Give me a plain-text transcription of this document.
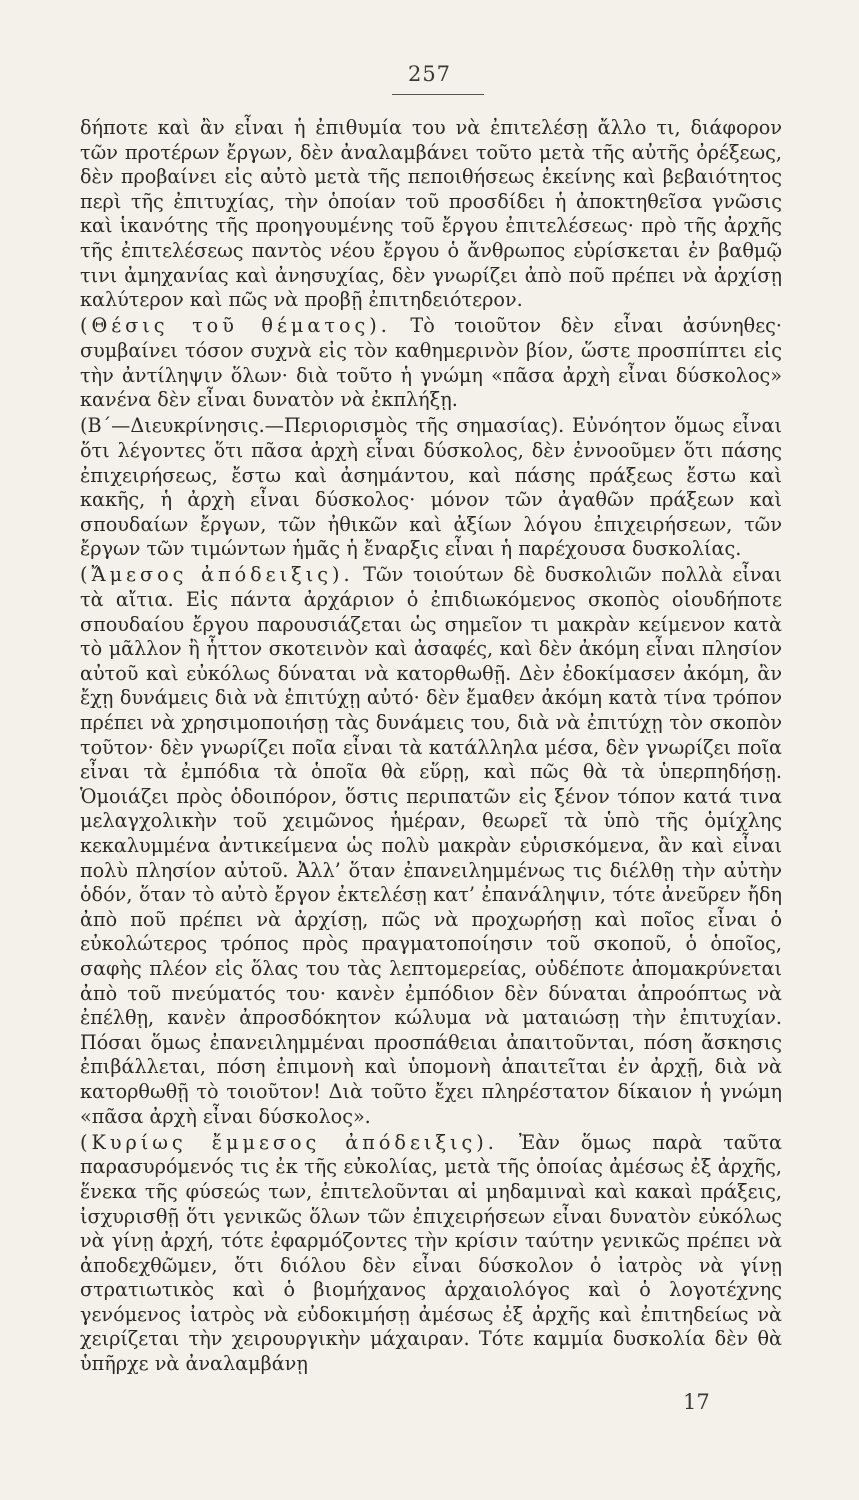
257

δήποτε καὶ ἂν εἶναι ἡ ἐπιθυμία του νὰ ἐπιτελέσῃ ἄλλο τι, διάφορον τῶν προτέρων ἔργων, δὲν ἀναλαμβάνει τοῦτο μετὰ τῆς αὐτῆς ὀρέξεως, δὲν προβαίνει εἰς αὐτὸ μετὰ τῆς πεποιθήσεως ἐκείνης καὶ βεβαιότητος περὶ τῆς ἐπιτυχίας, τὴν ὁποίαν τοῦ προσδίδει ἡ ἀποκτηθεῖσα γνῶσις καὶ ἱκανότης τῆς προηγουμένης τοῦ ἔργου ἐπιτελέσεως· πρὸ τῆς ἀρχῆς τῆς ἐπιτελέσεως παντὸς νέου ἔργου ὁ ἄνθρωπος εὑρίσκεται ἐν βαθμῷ τινι ἀμηχανίας καὶ ἀνησυχίας, δὲν γνωρίζει ἀπὸ ποῦ πρέπει νὰ ἀρχίσῃ καλύτερον καὶ πῶς νὰ προβῇ ἐπιτηδειότερον.

(Θέσις τοῦ θέματος). Τὸ τοιοῦτον δὲν εἶναι ἀσύνηθες· συμβαίνει τόσον συχνὰ εἰς τὸν καθημερινὸν βίον, ὥστε προσπίπτει εἰς τὴν ἀντίληψιν ὅλων· διὰ τοῦτο ἡ γνώμη «πᾶσα ἀρχὴ εἶναι δύσκολος» κανένα δὲν εἶναι δυνατὸν νὰ ἐκπλήξῃ.

(Β΄—Διευκρίνησις.—Περιορισμὸς τῆς σημασίας). Εὐνόητον ὅμως εἶναι ὅτι λέγοντες ὅτι πᾶσα ἀρχὴ εἶναι δύσκολος, δὲν ἐννοοῦμεν ὅτι πάσης ἐπιχειρήσεως, ἔστω καὶ ἀσημάντου, καὶ πάσης πράξεως ἔστω καὶ κακῆς, ἡ ἀρχὴ εἶναι δύσκολος· μόνον τῶν ἀγαθῶν πράξεων καὶ σπουδαίων ἔργων, τῶν ἠθικῶν καὶ ἀξίων λόγου ἐπιχειρήσεων, τῶν ἔργων τῶν τιμώντων ἡμᾶς ἡ ἔναρξις εἶναι ἡ παρέχουσα δυσκολίας.

(Ἄμεσος ἀπόδειξις). Τῶν τοιούτων δὲ δυσκολιῶν πολλὰ εἶναι τὰ αἴτια. Εἰς πάντα ἀρχάριον ὁ ἐπιδιωκόμενος σκοπὸς οἱουδήποτε σπουδαίου ἔργου παρουσιάζεται ὡς σημεῖον τι μακρὰν κείμενον κατὰ τὸ μᾶλλον ἢ ἧττον σκοτεινὸν καὶ ἀσαφές, καὶ δὲν ἀκόμη εἶναι πλησίον αὐτοῦ καὶ εὐκόλως δύναται νὰ κατορθωθῇ. Δὲν ἐδοκίμασεν ἀκόμη, ἂν ἔχῃ δυνάμεις διὰ νὰ ἐπιτύχῃ αὐτό· δὲν ἔμαθεν ἀκόμη κατὰ τίνα τρόπον πρέπει νὰ χρησιμοποιήσῃ τὰς δυνάμεις του, διὰ νὰ ἐπιτύχῃ τὸν σκοπὸν τοῦτον· δὲν γνωρίζει ποῖα εἶναι τὰ κατάλληλα μέσα, δὲν γνωρίζει ποῖα εἶναι τὰ ἐμπόδια τὰ ὁποῖα θὰ εὕρῃ, καὶ πῶς θὰ τὰ ὑπερπηδήσῃ. Ὁμοιάζει πρὸς ὁδοιπόρον, ὅστις περιπατῶν εἰς ξένον τόπον κατά τινα μελαγχολικὴν τοῦ χειμῶνος ἡμέραν, θεωρεῖ τὰ ὑπὸ τῆς ὁμίχλης κεκαλυμμένα ἀντικείμενα ὡς πολὺ μακρὰν εὑρισκόμενα, ἂν καὶ εἶναι πολὺ πλησίον αὐτοῦ. Ἀλλ’ ὅταν ἐπανειλημμένως τις διέλθῃ τὴν αὐτὴν ὁδόν, ὅταν τὸ αὐτὸ ἔργον ἐκτελέσῃ κατ’ ἐπανάληψιν, τότε ἀνεῦρεν ἤδη ἀπὸ ποῦ πρέπει νὰ ἀρχίσῃ, πῶς νὰ προχωρήσῃ καὶ ποῖος εἶναι ὁ εὐκολώτερος τρόπος πρὸς πραγματοποίησιν τοῦ σκοποῦ, ὁ ὁποῖος, σαφὴς πλέον εἰς ὅλας του τὰς λεπτομερείας, οὐδέποτε ἀπομακρύνεται ἀπὸ τοῦ πνεύματός του· κανὲν ἐμπόδιον δὲν δύναται ἀπροόπτως νὰ ἐπέλθῃ, κανὲν ἀπροσδόκητον κώλυμα νὰ ματαιώσῃ τὴν ἐπιτυχίαν. Πόσαι ὅμως ἐπανειλημμέναι προσπάθειαι ἀπαιτοῦνται, πόση ἄσκησις ἐπιβάλλεται, πόση ἐπιμονὴ καὶ ὑπομονὴ ἀπαιτεῖται ἐν ἀρχῇ, διὰ νὰ κατορθωθῇ τὸ τοιοῦτον! Διὰ τοῦτο ἔχει πληρέστατον δίκαιον ἡ γνώμη «πᾶσα ἀρχὴ εἶναι δύσκολος».

(Κυρίως ἔμμεσος ἀπόδειξις). Ἐὰν ὅμως παρὰ ταῦτα παρασυρόμενός τις ἐκ τῆς εὐκολίας, μετὰ τῆς ὁποίας ἀμέσως ἐξ ἀρχῆς, ἕνεκα τῆς φύσεώς των, ἐπιτελοῦνται αἱ μηδαμιναὶ καὶ κακαὶ πράξεις, ἰσχυρισθῇ ὅτι γενικῶς ὅλων τῶν ἐπιχειρήσεων εἶναι δυνατὸν εὐκόλως νὰ γίνῃ ἀρχή, τότε ἐφαρμόζοντες τὴν κρίσιν ταύτην γενικῶς πρέπει νὰ ἀποδεχθῶμεν, ὅτι διόλου δὲν εἶναι δύσκολον ὁ ἰατρὸς νὰ γίνῃ στρατιωτικὸς καὶ ὁ βιομήχανος ἀρχαιολόγος καὶ ὁ λογοτέχνης γενόμενος ἰατρὸς νὰ εὐδοκιμήσῃ ἀμέσως ἐξ ἀρχῆς καὶ ἐπιτηδείως νὰ χειρίζεται τὴν χειρουργικὴν μάχαιραν. Τότε καμμία δυσκολία δὲν θὰ ὑπῆρχε νὰ ἀναλαμβάνῃ

17
